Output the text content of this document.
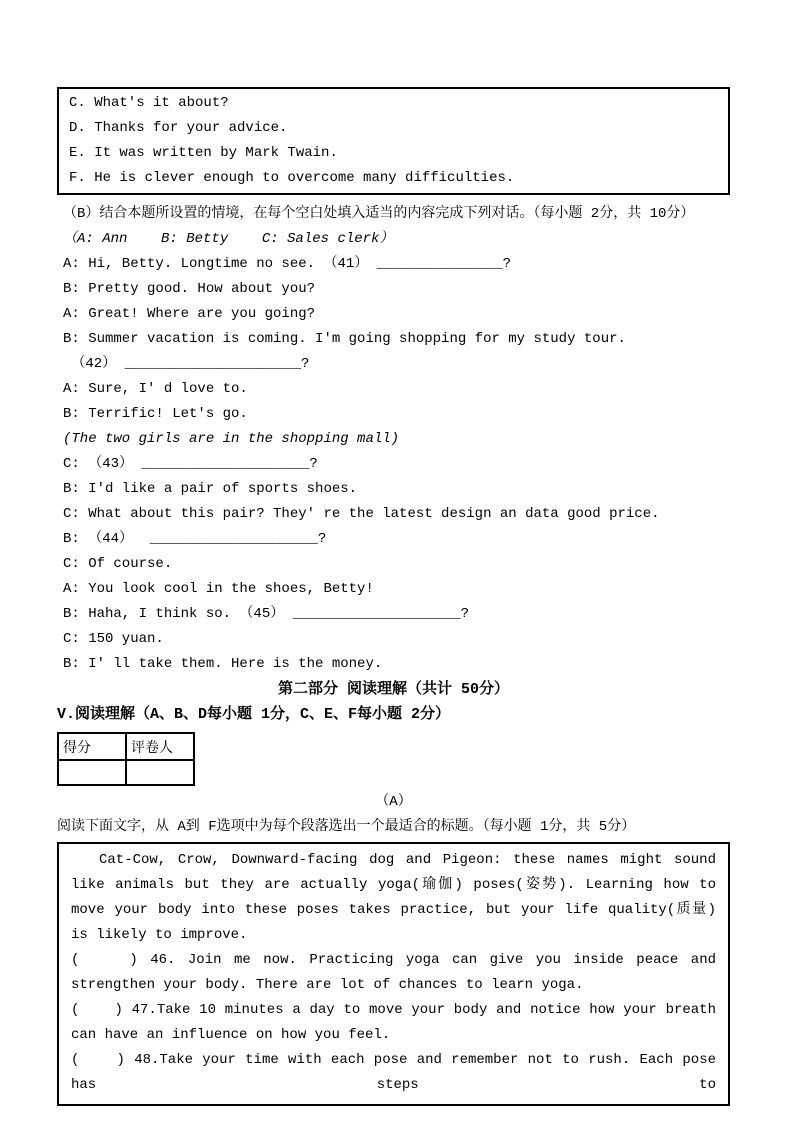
C. What's it about?
D. Thanks for your advice.
E. It was written by Mark Twain.
F. He is clever enough to overcome many difficulties.
（B）结合本题所设置的情境，在每个空白处填入适当的内容完成下列对话。（每小题 2分，共 10分）
（A: Ann    B: Betty    C: Sales clerk）
A: Hi, Betty. Longtime no see. （41） _______________?
B: Pretty good. How about you?
A: Great! Where are you going?
B: Summer vacation is coming. I'm going shopping for my study tour.
（42） _____________________?
A: Sure, I' d love to.
B: Terrific! Let's go.
(The two girls are in the shopping mall)
C: （43） ____________________?
B: I'd like a pair of sports shoes.
C: What about this pair? They' re the latest design an data good price.
B: （44）  ____________________?
C: Of course.
A: You look cool in the shoes, Betty!
B: Haha, I think so. （45） ____________________?
C: 150 yuan.
B: I' ll take them. Here is the money.
第二部分 阅读理解（共计 50分）
V.阅读理解（A、B、D每小题 1分，C、E、F每小题 2分）
得分	评卷人

（A）
阅读下面文字，从 A到 F选项中为每个段落选出一个最适合的标题。（每小题 1分，共 5分）

Cat-Cow, Crow, Downward-facing dog and Pigeon: these names might sound like animals but they are actually yoga(瑜伽) poses(姿势). Learning how to move your body into these poses takes practice, but your life quality(质量) is likely to improve.

(    ) 46. Join me now. Practicing yoga can give you inside peace and strengthen your body. There are lot of chances to learn yoga.

(    ) 47.Take 10 minutes a day to move your body and notice how your breath can have an influence on how you feel.

(    ) 48.Take your time with each pose and remember not to rush. Each pose has steps to
